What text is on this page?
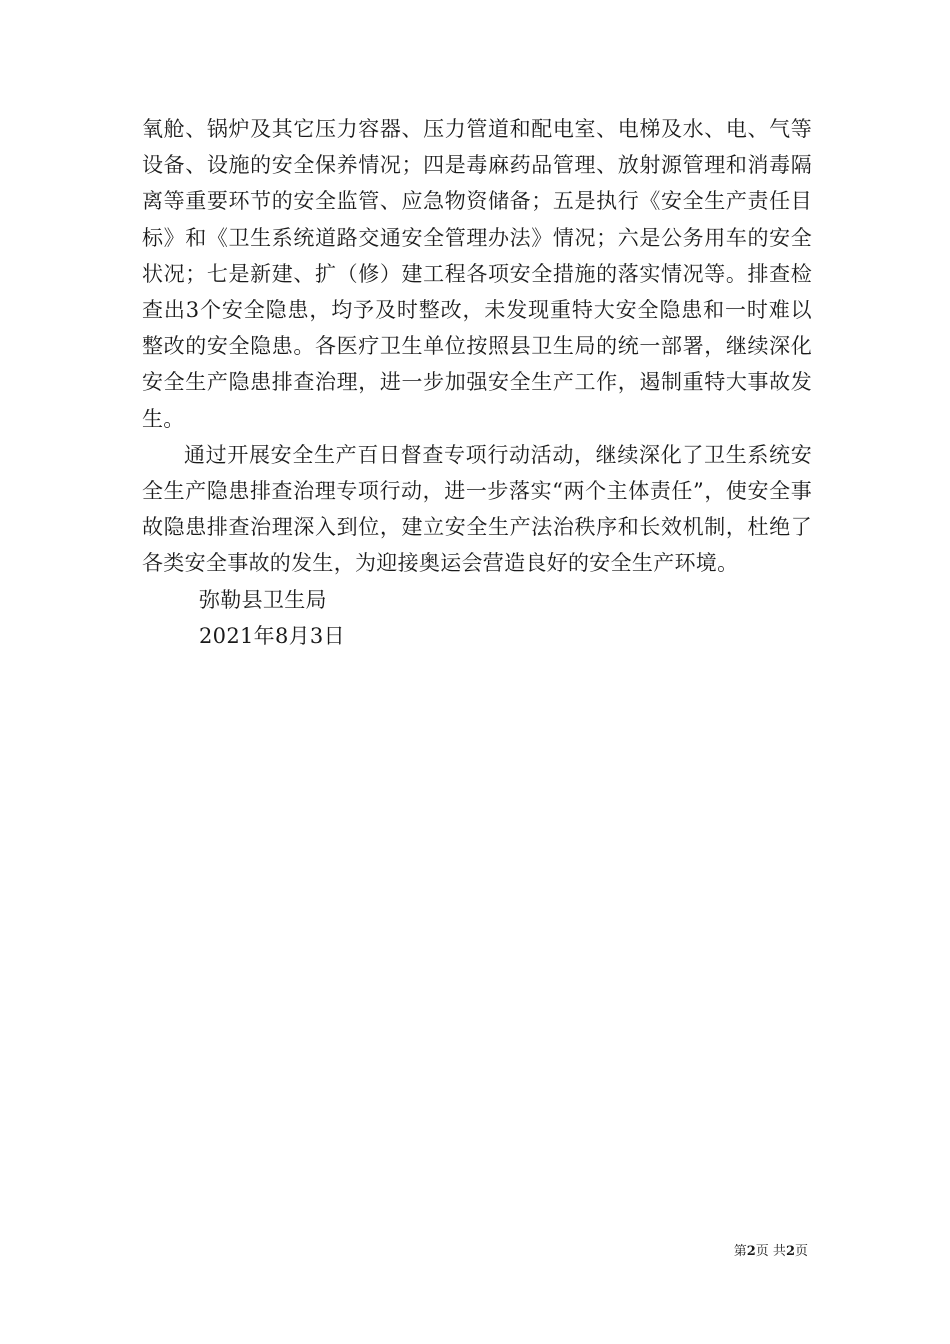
氧舱、锅炉及其它压力容器、压力管道和配电室、电梯及水、电、气等设备、设施的安全保养情况；四是毒麻药品管理、放射源管理和消毒隔离等重要环节的安全监管、应急物资储备；五是执行《安全生产责任目标》和《卫生系统道路交通安全管理办法》情况；六是公务用车的安全状况；七是新建、扩（修）建工程各项安全措施的落实情况等。排查检查出3个安全隐患，均予及时整改，未发现重特大安全隐患和一时难以整改的安全隐患。各医疗卫生单位按照县卫生局的统一部署，继续深化安全生产隐患排查治理，进一步加强安全生产工作，遏制重特大事故发生。

通过开展安全生产百日督查专项行动活动，继续深化了卫生系统安全生产隐患排查治理专项行动，进一步落实“两个主体责任”，使安全事故隐患排查治理深入到位，建立安全生产法治秩序和长效机制，杜绝了各类安全事故的发生，为迎接奥运会营造良好的安全生产环境。

弥勒县卫生局

2021年8月3日

第2页 共2页
